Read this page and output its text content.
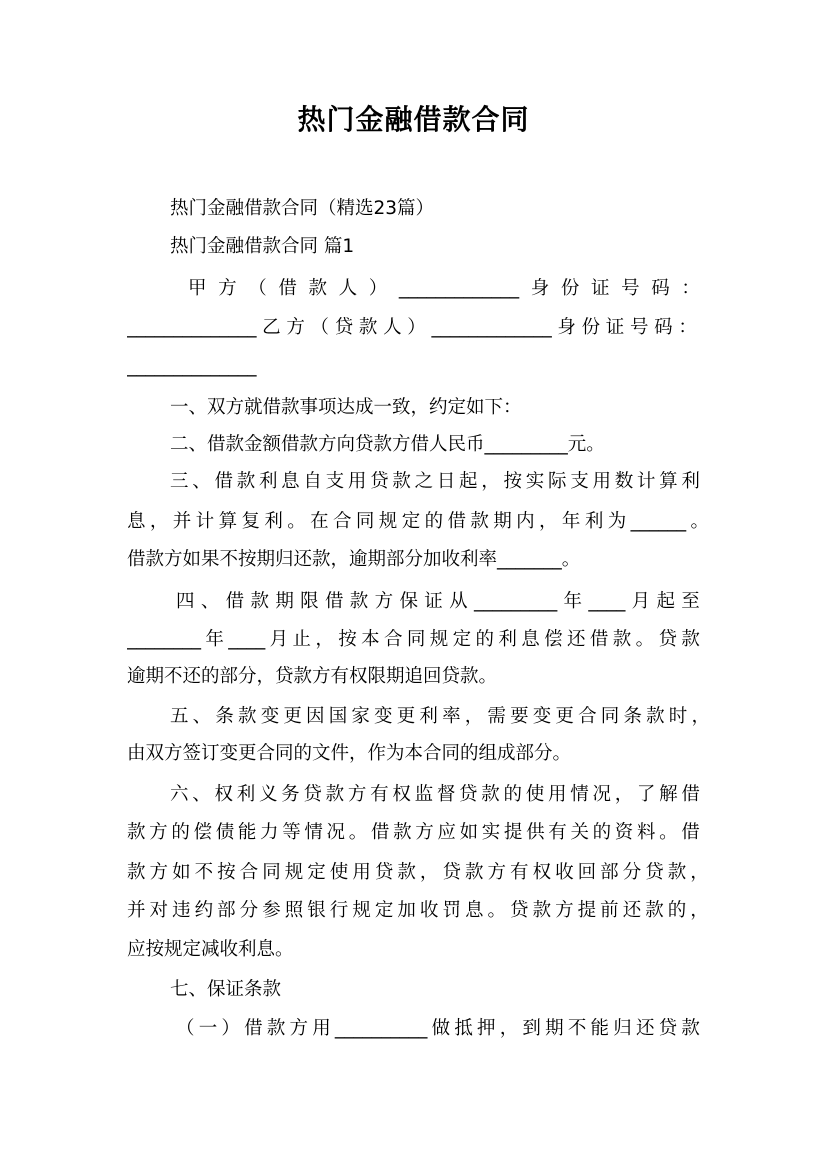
热门金融借款合同
热门金融借款合同（精选23篇）
热门金融借款合同 篇1
甲 方 （ 借 款 人 ） _____________ 身 份 证 号 码 ：
______________ 乙 方 （ 贷 款 人 ） _____________ 身 份 证 号 码 ：
______________
一、双方就借款事项达成一致，约定如下：
二、借款金额借款方向贷款方借人民币_________元。
三 、 借 款 利 息 自 支 用 贷 款 之 日 起 ， 按 实 际 支 用 数 计 算 利
息 ， 并 计 算 复 利 。 在 合 同 规 定 的 借 款 期 内 ， 年 利 为 ______ 。
借款方如果不按期归还款，逾期部分加收利率_______。
四 、 借 款 期 限 借 款 方 保 证 从 _________ 年 ____ 月 起 至
________ 年 ____ 月 止 ， 按 本 合 同 规 定 的 利 息 偿 还 借 款 。 贷 款
逾期不还的部分，贷款方有权限期追回贷款。
五 、 条 款 变 更 因 国 家 变 更 利 率 ， 需 要 变 更 合 同 条 款 时 ，
由双方签订变更合同的文件，作为本合同的组成部分。
六 、 权 利 义 务 贷 款 方 有 权 监 督 贷 款 的 使 用 情 况 ， 了 解 借
款 方 的 偿 债 能 力 等 情 况 。 借 款 方 应 如 实 提 供 有 关 的 资 料 。 借
款 方 如 不 按 合 同 规 定 使 用 贷 款 ， 贷 款 方 有 权 收 回 部 分 贷 款 ，
并 对 违 约 部 分 参 照 银 行 规 定 加 收 罚 息 。 贷 款 方 提 前 还 款 的 ，
应按规定减收利息。
七、保证条款
（ 一 ） 借 款 方 用 __________ 做 抵 押 ， 到 期 不 能 归 还 贷 款
